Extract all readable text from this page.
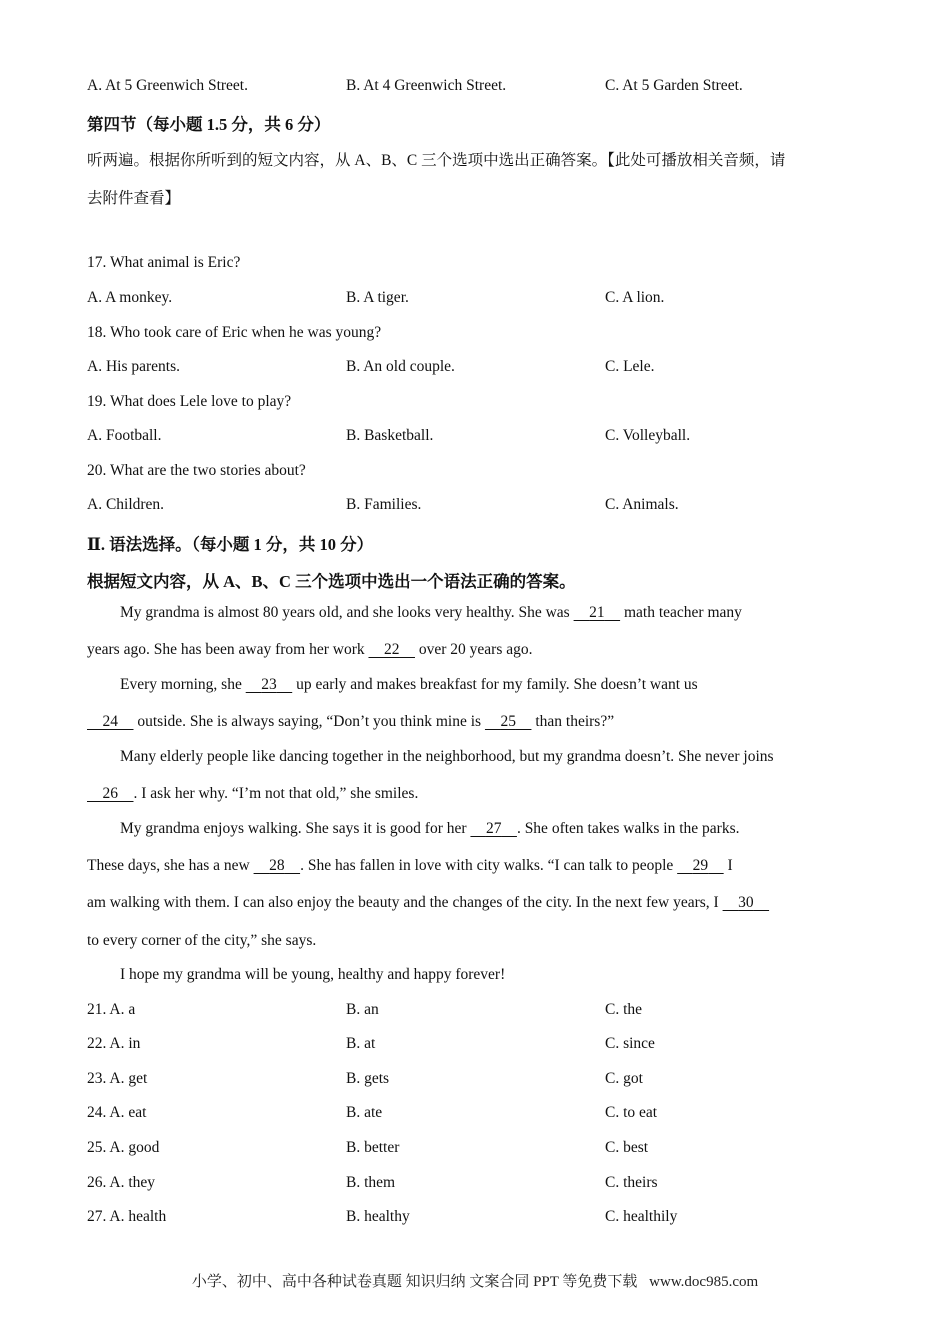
A. At 5 Greenwich Street.	B. At 4 Greenwich Street.	C. At 5 Garden Street.
第四节（每小题 1.5 分，共 6 分）
听两遍。根据你所听到的短文内容，从 A、B、C 三个选项中选出正确答案。【此处可播放相关音频，请
去附件查看】
17. What animal is Eric?
A. A monkey.	B. A tiger.	C. A lion.
18. Who took care of Eric when he was young?
A. His parents.	B. An old couple.	C. Lele.
19. What does Lele love to play?
A. Football.	B. Basketball.	C. Volleyball.
20. What are the two stories about?
A. Children.	B. Families.	C. Animals.
Ⅱ. 语法选择。（每小题 1 分，共 10 分）
根据短文内容，从 A、B、C 三个选项中选出一个语法正确的答案。
My grandma is almost 80 years old, and she looks very healthy. She was     21     math teacher many
years ago. She has been away from her work     22     over 20 years ago.
Every morning, she     23     up early and makes breakfast for my family. She doesn’t want us
24     outside. She is always saying, “Don’t you think mine is     25     than theirs?”
Many elderly people like dancing together in the neighborhood, but my grandma doesn’t. She never joins
26 . I ask her why. “I’m not that old,” she smiles.
My grandma enjoys walking. She says it is good for her     27 . She often takes walks in the parks.
These days, she has a new     28 . She has fallen in love with city walks. “I can talk to people     29     I
am walking with them. I can also enjoy the beauty and the changes of the city. In the next few years, I     30
to every corner of the city,” she says.
I hope my grandma will be young, healthy and happy forever!
21. A. a	B. an	C. the
22. A. in	B. at	C. since
23. A. get	B. gets	C. got
24. A. eat	B. ate	C. to eat
25. A. good	B. better	C. best
26. A. they	B. them	C. theirs
27. A. health	B. healthy	C. healthily
小学、初中、高中各种试卷真题 知识归纳 文案合同 PPT 等免费下载 www.doc985.com
